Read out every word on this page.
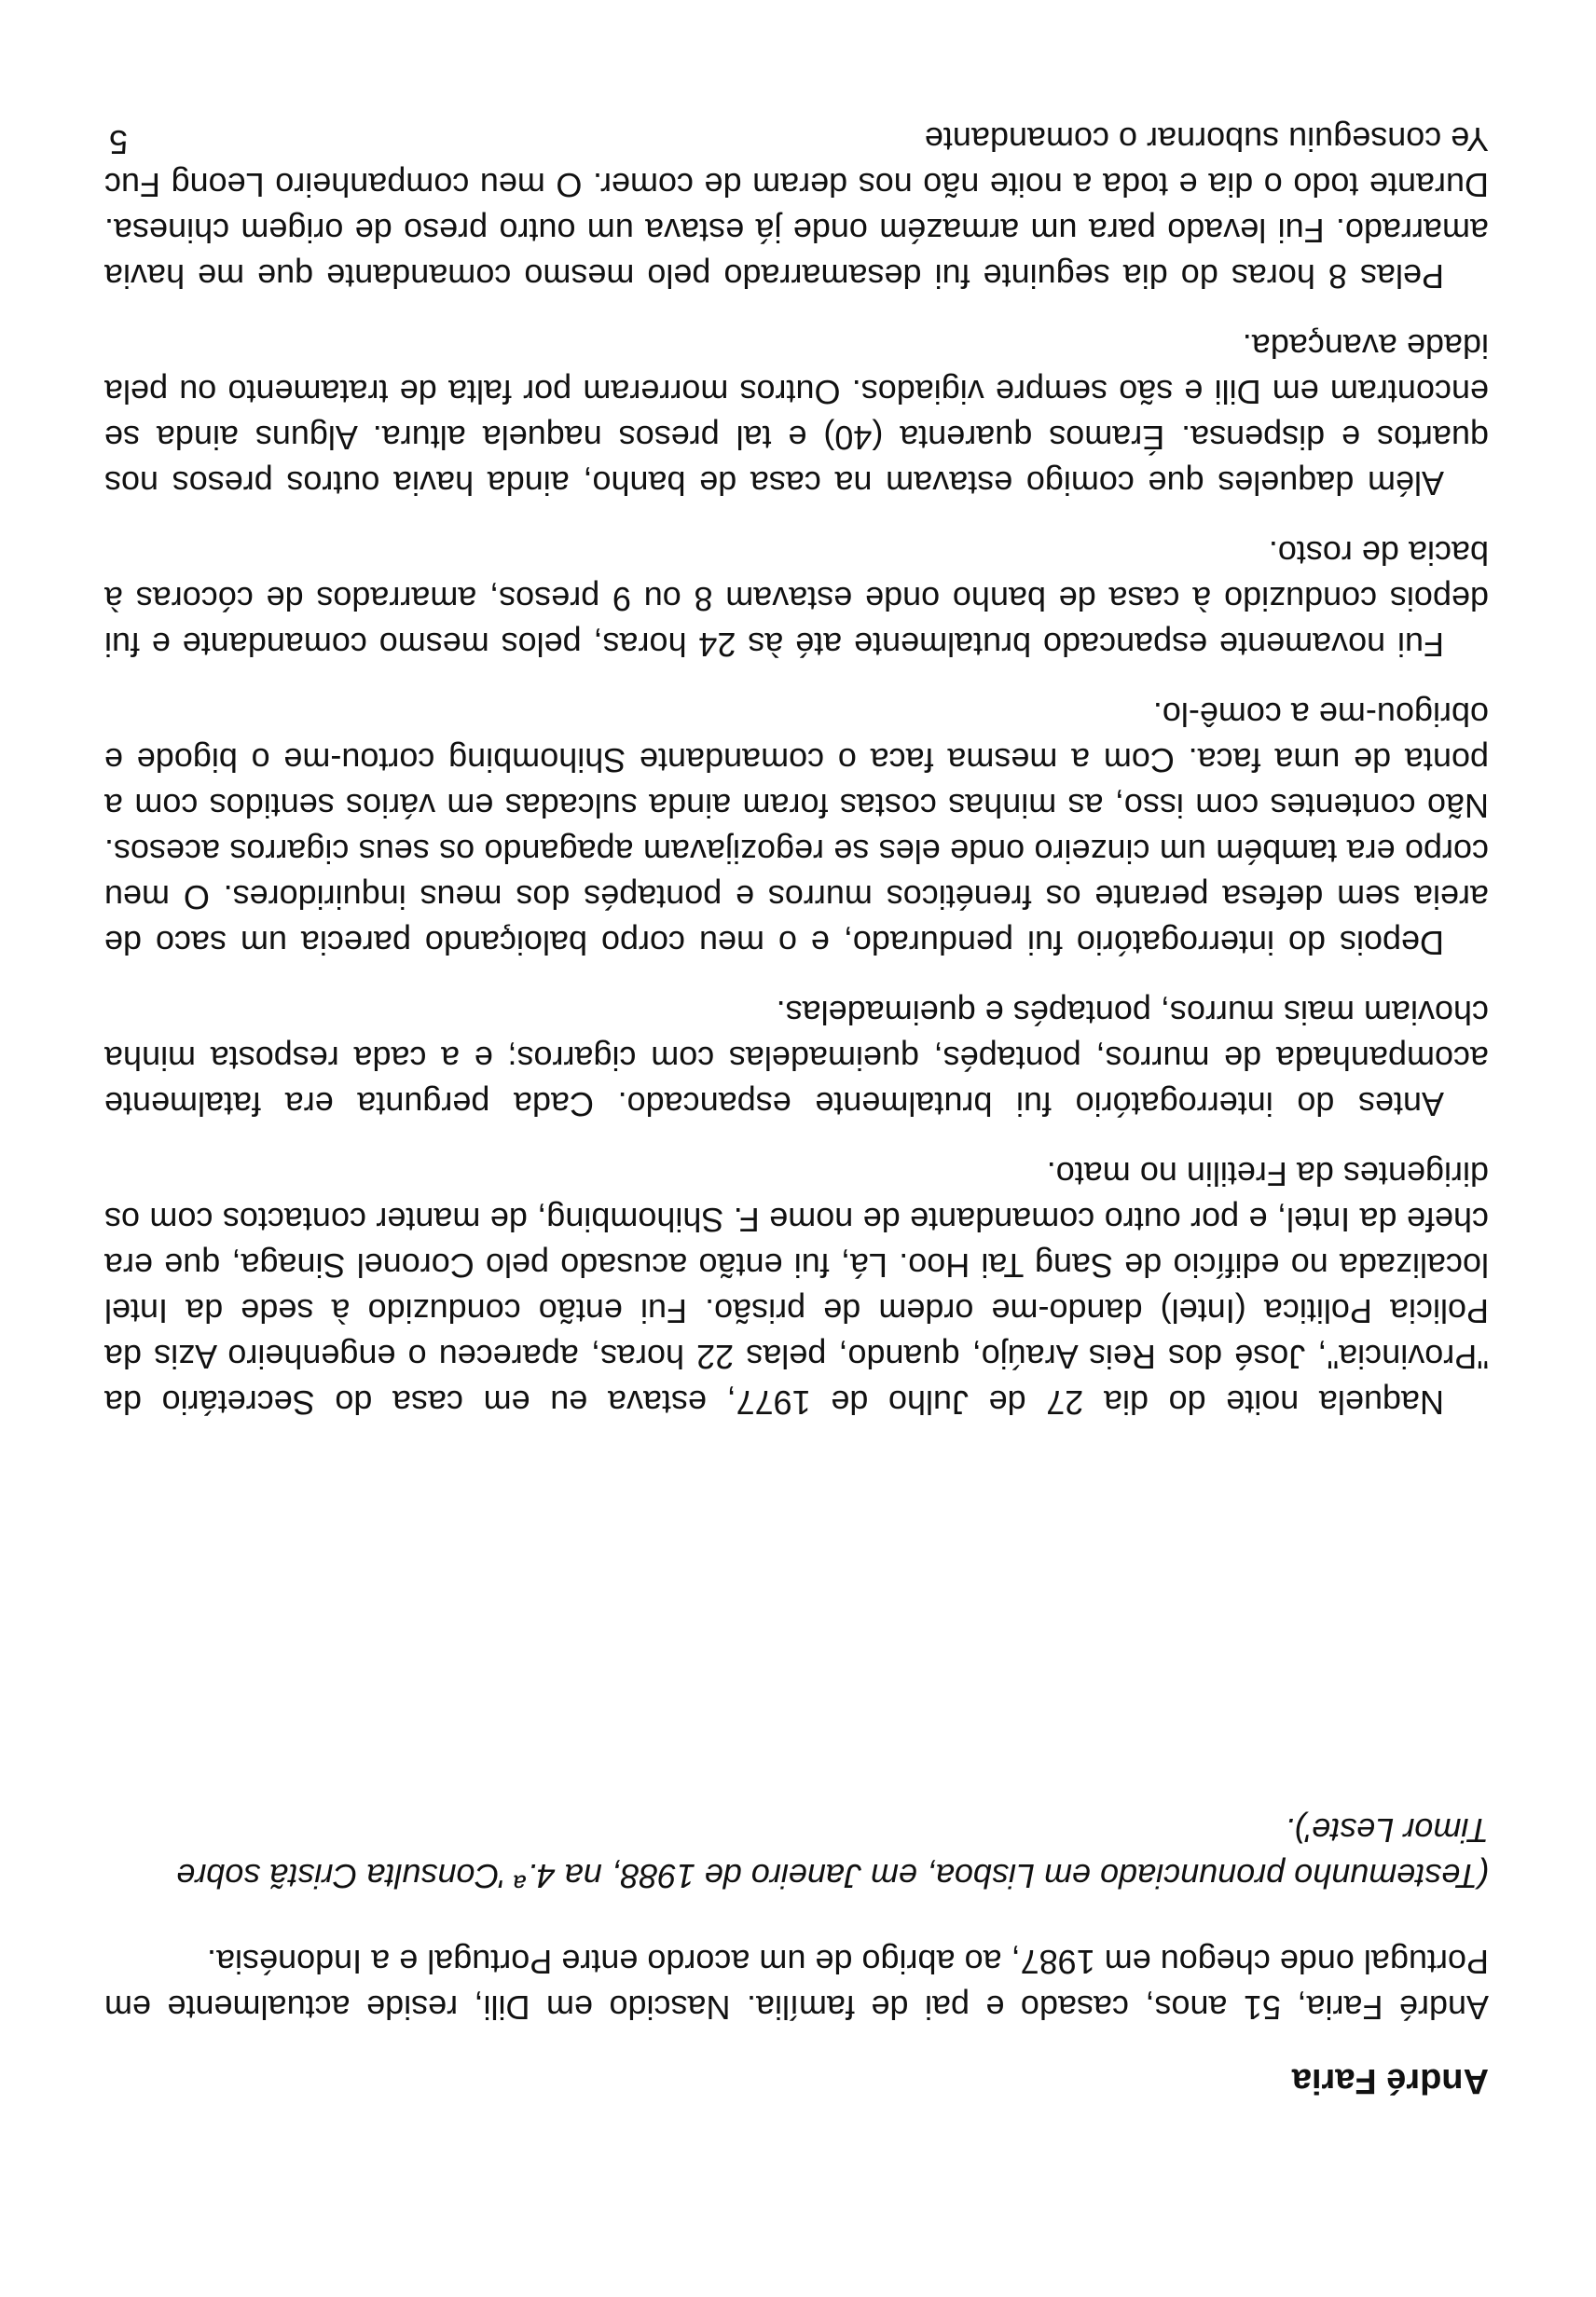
André Faria

André Faria, 51 anos, casado e pai de família. Nascido em Dili, reside actualmente em Portugal onde chegou em 1987, ao abrigo de um acordo entre Portugal e a Indonésia.

(Testemunho pronunciado em Lisboa, em Janeiro de 1988, na 4.ª 'Consulta Cristã sobre Timor Leste').

Naquela noite do dia 27 de Julho de 1977, estava eu em casa do Secretário da "Provincia", José dos Reis Araújo, quando, pelas 22 horas, apareceu o engenheiro Azis da Policia Politica (Intel) dando-me ordem de prisão. Fui então conduzido à sede da Intel localizada no edifício de Sang Tai Hoo. Lá, fui então acusado pelo Coronel Sinaga, que era chefe da Intel, e por outro comandante de nome F. Shihombing, de manter contactos com os dirigentes da Fretilin no mato.

Antes do interrogatório fui brutalmente espancado. Cada pergunta era fatalmente acompanhada de murros, pontapés, queimadelas com cigarros; e a cada resposta minha choviam mais murros, pontapés e queimadelas.

Depois do interrogatório fui pendurado, e o meu corpo baloiçando parecia um saco de areia sem defesa perante os frenéticos murros e pontapés dos meus inquiridores. O meu corpo era também um cinzeiro onde eles se regozijavam apagando os seus cigarros acesos. Não contentes com isso, as minhas costas foram ainda sulcadas em vários sentidos com a ponta de uma faca. Com a mesma faca o comandante Shihombing cortou-me o bigode e obrigou-me a comê-lo.

Fui novamente espancado brutalmente até às 24 horas, pelos mesmo comandante e fui depois conduzido à casa de banho onde estavam 8 ou 9 presos, amarrados de cócoras à bacia de rosto.

Além daqueles que comigo estavam na casa de banho, ainda havia outros presos nos quartos e dispensa. Éramos quarenta (40) e tal presos naquela altura. Alguns ainda se encontram em Dili e são sempre vigiados. Outros morreram por falta de tratamento ou pela idade avançada.

Pelas 8 horas do dia seguinte fui desamarrado pelo mesmo comandante que me havia amarrado. Fui levado para um armazém onde já estava um outro preso de origem chinesa. Durante todo o dia e toda a noite não nos deram de comer. O meu companheiro Leong Fuc Ye conseguiu subornar o comandante

5
